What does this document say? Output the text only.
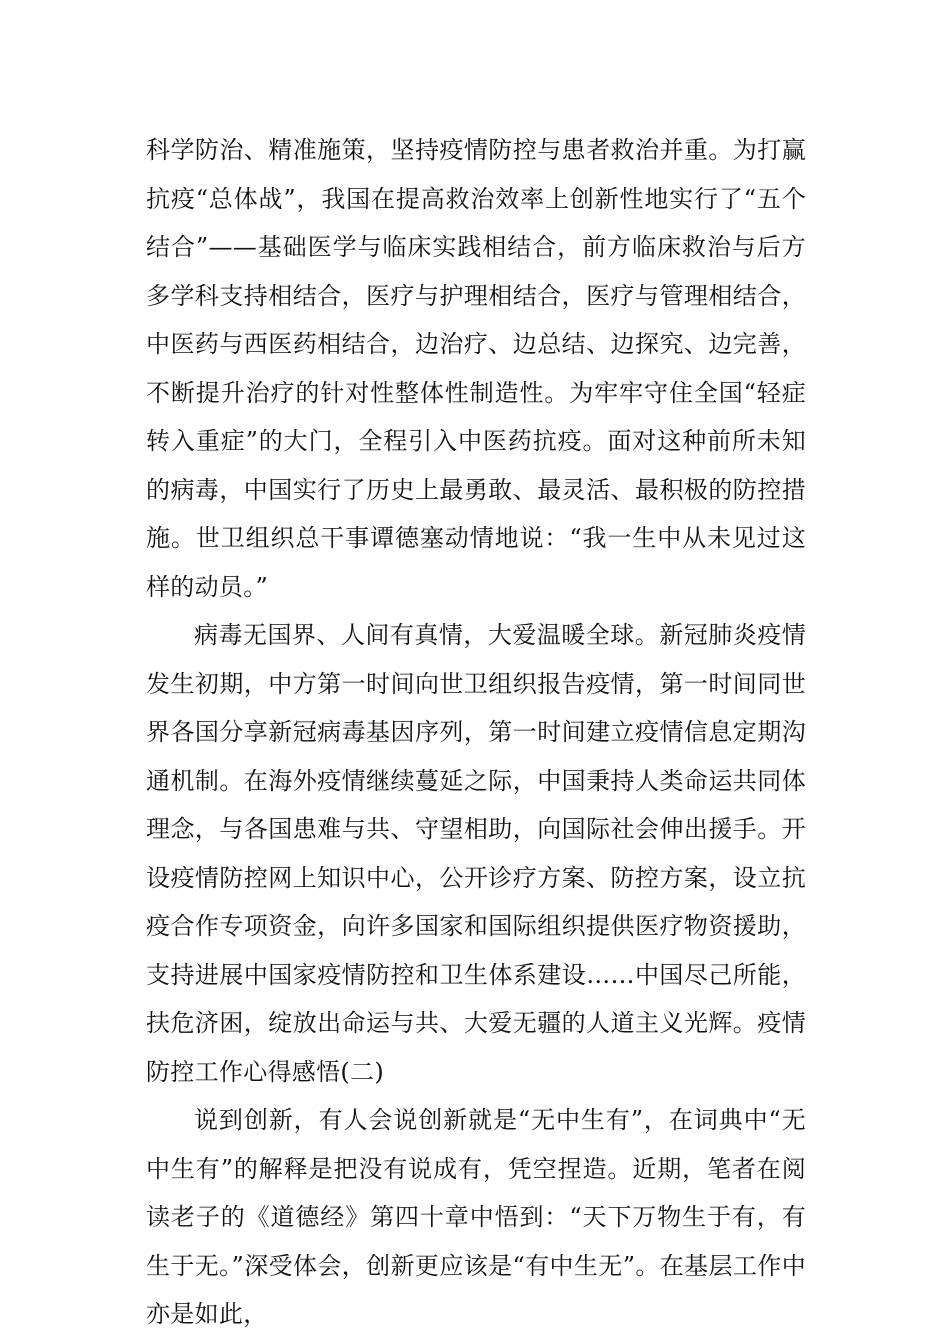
科学防治、精准施策，坚持疫情防控与患者救治并重。为打赢抗疫“总体战”，我国在提高救治效率上创新性地实行了“五个结合”——基础医学与临床实践相结合，前方临床救治与后方多学科支持相结合，医疗与护理相结合，医疗与管理相结合，中医药与西医药相结合，边治疗、边总结、边探究、边完善，不断提升治疗的针对性整体性制造性。为牢牢守住全国“轻症转入重症”的大门，全程引入中医药抗疫。面对这种前所未知的病毒，中国实行了历史上最勇敢、最灵活、最积极的防控措施。世卫组织总干事谭德塞动情地说：“我一生中从未见过这样的动员。”

病毒无国界、人间有真情，大爱温暖全球。新冠肺炎疫情发生初期，中方第一时间向世卫组织报告疫情，第一时间同世界各国分享新冠病毒基因序列，第一时间建立疫情信息定期沟通机制。在海外疫情继续蔓延之际，中国秉持人类命运共同体理念，与各国患难与共、守望相助，向国际社会伸出援手。开设疫情防控网上知识中心，公开诊疗方案、防控方案，设立抗疫合作专项资金，向许多国家和国际组织提供医疗物资援助，支持进展中国家疫情防控和卫生体系建设……中国尽己所能，扶危济困，绽放出命运与共、大爱无疆的人道主义光辉。疫情防控工作心得感悟(二)

说到创新，有人会说创新就是“无中生有”，在词典中“无中生有”的解释是把没有说成有，凭空捏造。近期，笔者在阅读老子的《道德经》第四十章中悟到：“天下万物生于有，有生于无。”深受体会，创新更应该是“有中生无”。在基层工作中亦是如此，
